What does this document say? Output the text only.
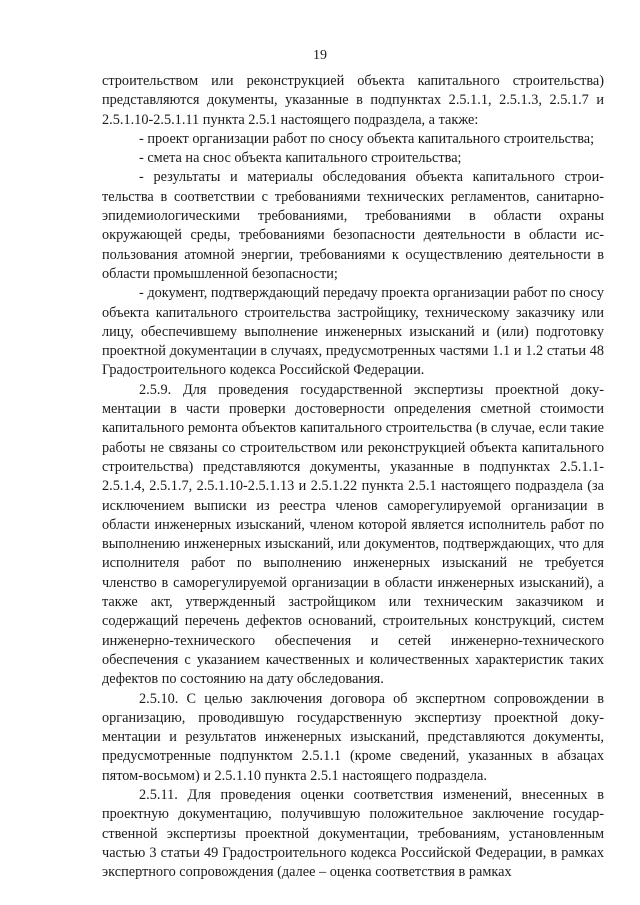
19

строительством или реконструкцией объекта капитального строительства) представляются документы, указанные в подпунктах 2.5.1.1, 2.5.1.3, 2.5.1.7 и 2.5.1.10-2.5.1.11 пункта 2.5.1 настоящего подраздела, а также:

- проект организации работ по сносу объекта капитального строительства;

- смета на снос объекта капитального строительства;

- результаты и материалы обследования объекта капитального строительства в соответствии с требованиями технических регламентов, санитарно-эпидемиологическими требованиями, требованиями в области охраны окружающей среды, требованиями безопасности деятельности в области использования атомной энергии, требованиями к осуществлению деятельности в области промышленной безопасности;

- документ, подтверждающий передачу проекта организации работ по сносу объекта капитального строительства застройщику, техническому заказчику или лицу, обеспечившему выполнение инженерных изысканий и (или) подготовку проектной документации в случаях, предусмотренных частями 1.1 и 1.2 статьи 48 Градостроительного кодекса Российской Федерации.

2.5.9. Для проведения государственной экспертизы проектной документации в части проверки достоверности определения сметной стоимости капитального ремонта объектов капитального строительства (в случае, если такие работы не связаны со строительством или реконструкцией объекта капитального строительства) представляются документы, указанные в подпунктах 2.5.1.1-2.5.1.4, 2.5.1.7, 2.5.1.10-2.5.1.13 и 2.5.1.22 пункта 2.5.1 настоящего подраздела (за исключением выписки из реестра членов саморегулируемой организации в области инженерных изысканий, членом которой является исполнитель работ по выполнению инженерных изысканий, или документов, подтверждающих, что для исполнителя работ по выполнению инженерных изысканий не требуется членство в саморегулируемой организации в области инженерных изысканий), а также акт, утвержденный застройщиком или техническим заказчиком и содержащий перечень дефектов оснований, строительных конструкций, систем инженерно-технического обеспечения и сетей инженерно-технического обеспечения с указанием качественных и количественных характеристик таких дефектов по состоянию на дату обследования.

2.5.10. С целью заключения договора об экспертном сопровождении в организацию, проводившую государственную экспертизу проектной документации и результатов инженерных изысканий, представляются документы, предусмотренные подпунктом 2.5.1.1 (кроме сведений, указанных в абзацах пятом-восьмом) и 2.5.1.10 пункта 2.5.1 настоящего подраздела.

2.5.11. Для проведения оценки соответствия изменений, внесенных в проектную документацию, получившую положительное заключение государственной экспертизы проектной документации, требованиям, установленным частью 3 статьи 49 Градостроительного кодекса Российской Федерации, в рамках экспертного сопровождения (далее – оценка соответствия в рамках
